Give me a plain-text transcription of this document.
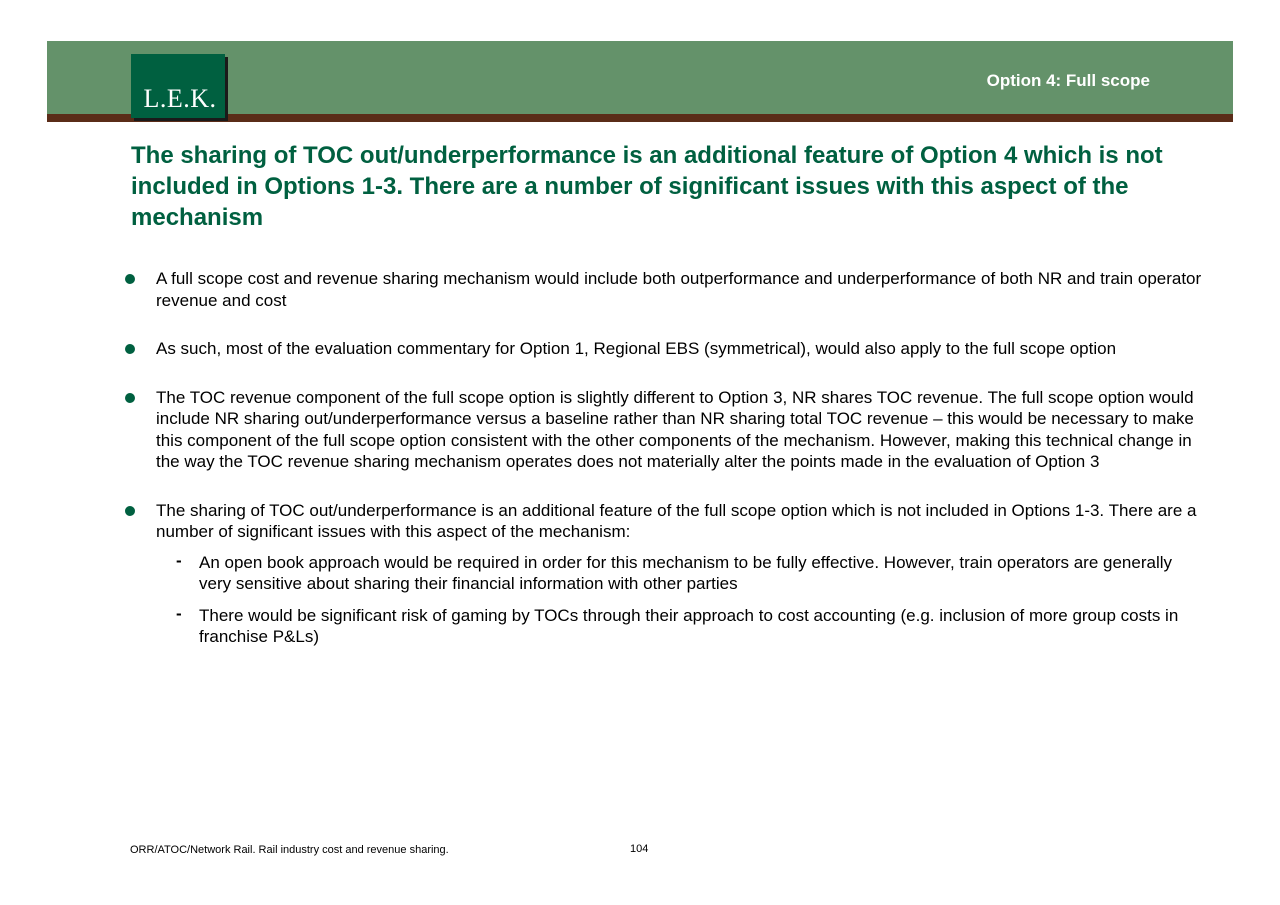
L.E.K.
Option 4: Full scope
The sharing of TOC out/underperformance is an additional feature of Option 4 which is not included in Options 1-3. There are a number of significant issues with this aspect of the mechanism
A full scope cost and revenue sharing mechanism would include both outperformance and underperformance of both NR and train operator revenue and cost
As such, most of the evaluation commentary for Option 1, Regional EBS (symmetrical), would also apply to the full scope option
The TOC revenue component of the full scope option is slightly different to Option 3, NR shares TOC revenue. The full scope option would include NR sharing out/underperformance versus a baseline rather than NR sharing total TOC revenue – this would be necessary to make this component of the full scope option consistent with the other components of the mechanism. However, making this technical change in the way the TOC revenue sharing mechanism operates does not materially alter the points made in the evaluation of Option 3
The sharing of TOC out/underperformance is an additional feature of the full scope option which is not included in Options 1-3. There are a number of significant issues with this aspect of the mechanism:
- An open book approach would be required in order for this mechanism to be fully effective. However, train operators are generally very sensitive about sharing their financial information with other parties
- There would be significant risk of gaming by TOCs through their approach to cost accounting (e.g. inclusion of more group costs in franchise P&Ls)
ORR/ATOC/Network Rail. Rail industry cost and revenue sharing.	104
